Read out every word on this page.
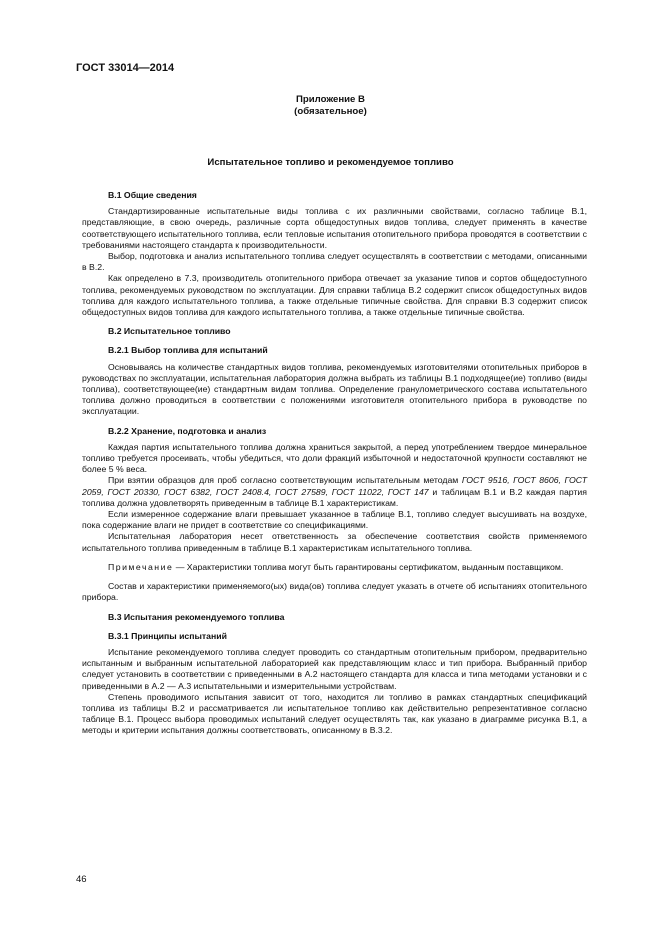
ГОСТ 33014—2014
Приложение В
(обязательное)
Испытательное топливо и рекомендуемое топливо

В.1 Общие сведения

Стандартизированные испытательные виды топлива с их различными свойствами, согласно таблице В.1, представляющие, в свою очередь, различные сорта общедоступных видов топлива, следует применять в качестве соответствующего испытательного топлива, если тепловые испытания отопительного прибора проводятся в соответствии с требованиями настоящего стандарта к производительности.

Выбор, подготовка и анализ испытательного топлива следует осуществлять в соответствии с методами, описанными в В.2.

Как определено в 7.3, производитель отопительного прибора отвечает за указание типов и сортов общедоступного топлива, рекомендуемых руководством по эксплуатации. Для справки таблица В.2 содержит список общедоступных видов топлива для каждого испытательного топлива, а также отдельные типичные свойства. Для справки В.3 содержит список общедоступных видов топлива для каждого испытательного топлива, а также отдельные типичные свойства.

В.2 Испытательное топливо

В.2.1 Выбор топлива для испытаний

Основываясь на количестве стандартных видов топлива, рекомендуемых изготовителями отопительных приборов в руководствах по эксплуатации, испытательная лаборатория должна выбрать из таблицы В.1 подходящее(ие) топливо (виды топлива), соответствующее(ие) стандартным видам топлива. Определение гранулометрического состава испытательного топлива должно проводиться в соответствии с положениями изготовителя отопительного прибора в руководстве по эксплуатации.

В.2.2 Хранение, подготовка и анализ

Каждая партия испытательного топлива должна храниться закрытой, а перед употреблением твердое минеральное топливо требуется просеивать, чтобы убедиться, что доли фракций избыточной и недостаточной крупности составляют не более 5 % веса.

При взятии образцов для проб согласно соответствующим испытательным методам ГОСТ 9516, ГОСТ 8606, ГОСТ 2059, ГОСТ 20330, ГОСТ 6382, ГОСТ 2408.4, ГОСТ 27589, ГОСТ 11022, ГОСТ 147 и таблицам В.1 и В.2 каждая партия топлива должна удовлетворять приведенным в таблице В.1 характеристикам.

Если измеренное содержание влаги превышает указанное в таблице В.1, топливо следует высушивать на воздухе, пока содержание влаги не придет в соответствие со спецификациями.

Испытательная лаборатория несет ответственность за обеспечение соответствия свойств применяемого испытательного топлива приведенным в таблице В.1 характеристикам испытательного топлива.

Примечание — Характеристики топлива могут быть гарантированы сертификатом, выданным поставщиком.

Состав и характеристики применяемого(ых) вида(ов) топлива следует указать в отчете об испытаниях отопительного прибора.

В.3 Испытания рекомендуемого топлива

В.3.1 Принципы испытаний

Испытание рекомендуемого топлива следует проводить со стандартным отопительным прибором, предварительно испытанным и выбранным испытательной лабораторией как представляющим класс и тип прибора. Выбранный прибор следует установить в соответствии с приведенными в А.2 настоящего стандарта для класса и типа методами установки и с приведенными в А.2 — А.3 испытательными и измерительными устройствам.

Степень проводимого испытания зависит от того, находится ли топливо в рамках стандартных спецификаций топлива из таблицы В.2 и рассматривается ли испытательное топливо как действительно репрезентативное согласно таблице В.1. Процесс выбора проводимых испытаний следует осуществлять так, как указано в диаграмме рисунка В.1, а методы и критерии испытания должны соответствовать, описанному в В.3.2.

46
